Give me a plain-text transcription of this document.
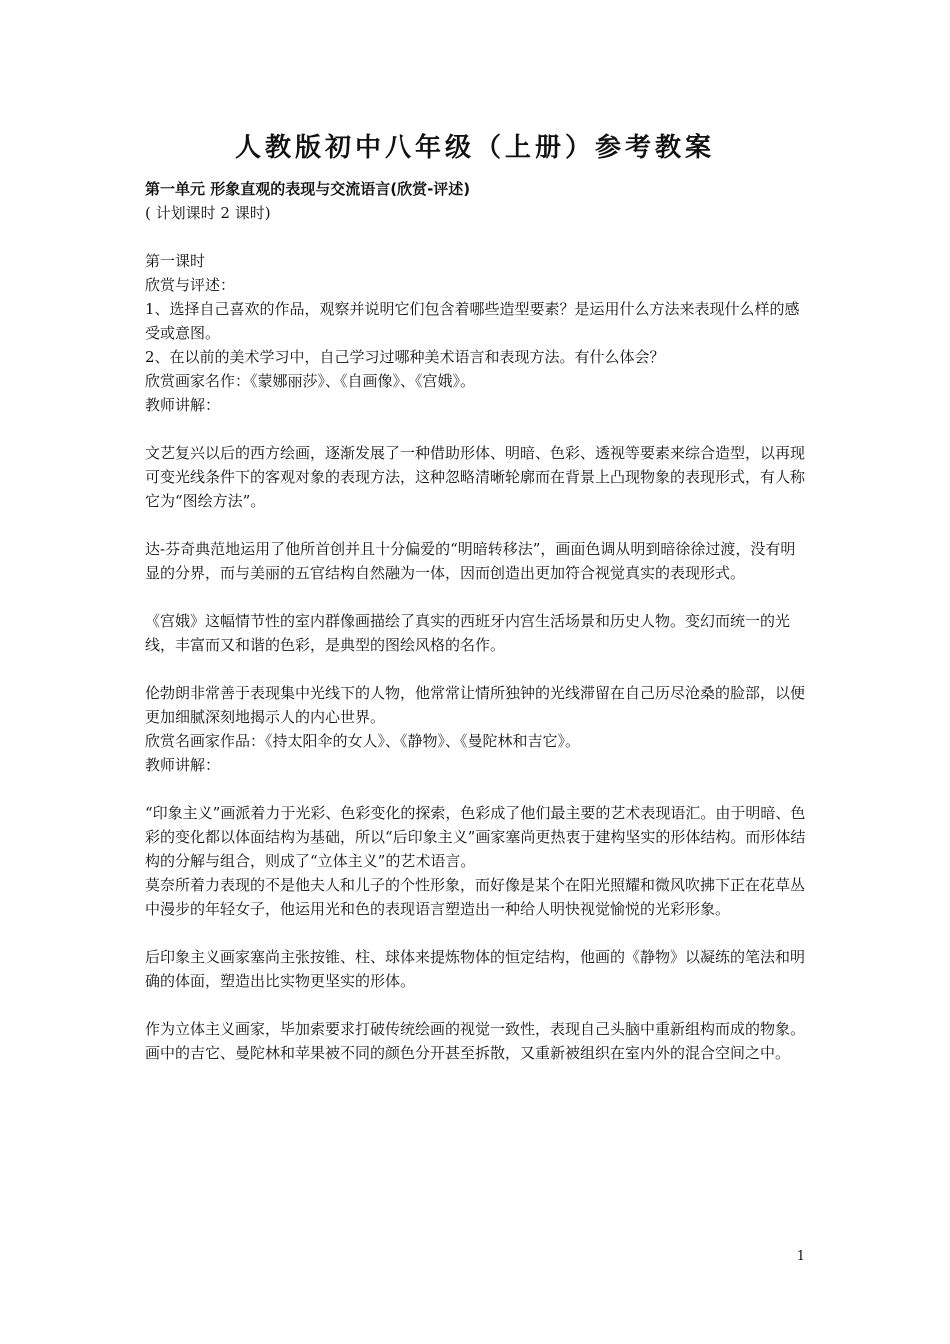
人教版初中八年级（上册）参考教案

第一单元 形象直观的表现与交流语言(欣赏-评述)

( 计划课时 2 课时)

第一课时

欣赏与评述：

1、选择自己喜欢的作品，观察并说明它们包含着哪些造型要素？是运用什么方法来表现什么样的感受或意图。

2、在以前的美术学习中，自己学习过哪种美术语言和表现方法。有什么体会？

欣赏画家名作：《蒙娜丽莎》、《自画像》、《宫娥》。

教师讲解：

文艺复兴以后的西方绘画，逐渐发展了一种借助形体、明暗、色彩、透视等要素来综合造型，以再现可变光线条件下的客观对象的表现方法，这种忽略清晰轮廓而在背景上凸现物象的表现形式，有人称它为“图绘方法”。

达-芬奇典范地运用了他所首创并且十分偏爱的“明暗转移法”，画面色调从明到暗徐徐过渡，没有明显的分界，而与美丽的五官结构自然融为一体，因而创造出更加符合视觉真实的表现形式。

《宫娥》这幅情节性的室内群像画描绘了真实的西班牙内宫生活场景和历史人物。变幻而统一的光线，丰富而又和谐的色彩，是典型的图绘风格的名作。

伦勃朗非常善于表现集中光线下的人物，他常常让情所独钟的光线滞留在自己历尽沧桑的脸部，以便更加细腻深刻地揭示人的内心世界。

欣赏名画家作品：《持太阳伞的女人》、《静物》、《曼陀林和吉它》。

教师讲解：

“印象主义”画派着力于光彩、色彩变化的探索，色彩成了他们最主要的艺术表现语汇。由于明暗、色彩的变化都以体面结构为基础，所以“后印象主义”画家塞尚更热衷于建构坚实的形体结构。而形体结构的分解与组合，则成了“立体主义”的艺术语言。

莫奈所着力表现的不是他夫人和儿子的个性形象，而好像是某个在阳光照耀和微风吹拂下正在花草丛中漫步的年轻女子，他运用光和色的表现语言塑造出一种给人明快视觉愉悦的光彩形象。

后印象主义画家塞尚主张按锥、柱、球体来提炼物体的恒定结构，他画的《静物》以凝练的笔法和明确的体面，塑造出比实物更坚实的形体。

作为立体主义画家，毕加索要求打破传统绘画的视觉一致性，表现自己头脑中重新组构而成的物象。画中的吉它、曼陀林和苹果被不同的颜色分开甚至拆散，又重新被组织在室内外的混合空间之中。

1
